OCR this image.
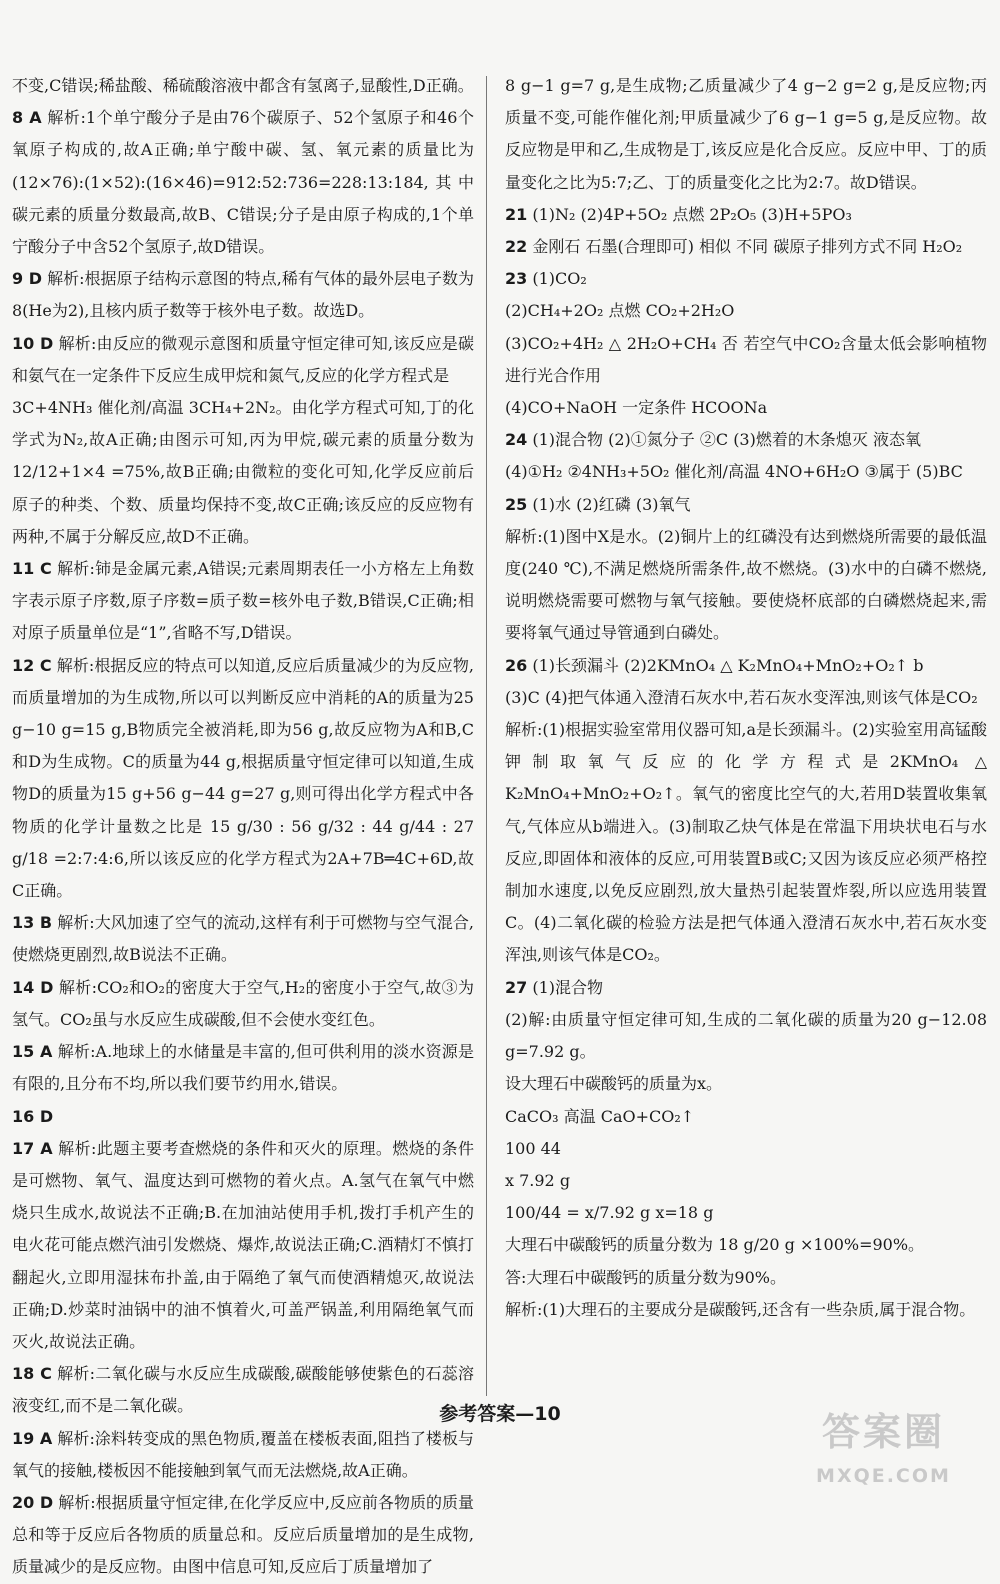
不变,C错误;稀盐酸、稀硫酸溶液中都含有氢离子,显酸性,D正确。

8 A 解析:1个单宁酸分子是由76个碳原子、52个氢原子和46个氧原子构成的,故A正确;单宁酸中碳、氢、氧元素的质量比为(12×76):(1×52):(16×46)=912:52:736=228:13:184,其中碳元素的质量分数最高,故B、C错误;分子是由原子构成的,1个单宁酸分子中含52个氢原子,故D错误。

9 D 解析:根据原子结构示意图的特点,稀有气体的最外层电子数为8(He为2),且核内质子数等于核外电子数。故选D。

10 D 解析:由反应的微观示意图和质量守恒定律可知,该反应是碳和氨气在一定条件下反应生成甲烷和氮气,反应的化学方程式是

3C+4NH₃ 催化剂/高温 3CH₄+2N₂。由化学方程式可知,丁的化学式为N₂,故A正确;由图示可知,丙为甲烷,碳元素的质量分数为 12/12+1×4 =75%,故B正确;由微粒的变化可知,化学反应前后原子的种类、个数、质量均保持不变,故C正确;该反应的反应物有两种,不属于分解反应,故D不正确。

11 C 解析:铈是金属元素,A错误;元素周期表任一小方格左上角数字表示原子序数,原子序数=质子数=核外电子数,B错误,C正确;相对原子质量单位是“1”,省略不写,D错误。

12 C 解析:根据反应的特点可以知道,反应后质量减少的为反应物,而质量增加的为生成物,所以可以判断反应中消耗的A的质量为25 g−10 g=15 g,B物质完全被消耗,即为56 g,故反应物为A和B,C和D为生成物。C的质量为44 g,根据质量守恒定律可以知道,生成物D的质量为15 g+56 g−44 g=27 g,则可得出化学方程式中各物质的化学计量数之比是 15 g/30 : 56 g/32 : 44 g/44 : 27 g/18 =2:7:4:6,所以该反应的化学方程式为2A+7B═4C+6D,故C正确。

13 B 解析:大风加速了空气的流动,这样有利于可燃物与空气混合,使燃烧更剧烈,故B说法不正确。

14 D 解析:CO₂和O₂的密度大于空气,H₂的密度小于空气,故③为氢气。CO₂虽与水反应生成碳酸,但不会使水变红色。

15 A 解析:A.地球上的水储量是丰富的,但可供利用的淡水资源是有限的,且分布不均,所以我们要节约用水,错误。

16 D

17 A 解析:此题主要考查燃烧的条件和灭火的原理。燃烧的条件是可燃物、氧气、温度达到可燃物的着火点。A.氢气在氧气中燃烧只生成水,故说法不正确;B.在加油站使用手机,拨打手机产生的电火花可能点燃汽油引发燃烧、爆炸,故说法正确;C.酒精灯不慎打翻起火,立即用湿抹布扑盖,由于隔绝了氧气而使酒精熄灭,故说法正确;D.炒菜时油锅中的油不慎着火,可盖严锅盖,利用隔绝氧气而灭火,故说法正确。

18 C 解析:二氧化碳与水反应生成碳酸,碳酸能够使紫色的石蕊溶液变红,而不是二氧化碳。

19 A 解析:涂料转变成的黑色物质,覆盖在楼板表面,阻挡了楼板与氧气的接触,楼板因不能接触到氧气而无法燃烧,故A正确。

20 D 解析:根据质量守恒定律,在化学反应中,反应前各物质的质量总和等于反应后各物质的质量总和。反应后质量增加的是生成物,质量减少的是反应物。由图中信息可知,反应后丁质量增加了

8 g−1 g=7 g,是生成物;乙质量减少了4 g−2 g=2 g,是反应物;丙质量不变,可能作催化剂;甲质量减少了6 g−1 g=5 g,是反应物。故反应物是甲和乙,生成物是丁,该反应是化合反应。反应中甲、丁的质量变化之比为5:7;乙、丁的质量变化之比为2:7。故D错误。

21 (1)N₂ (2)4P+5O₂ 点燃 2P₂O₅ (3)H+5PO₃

22 金刚石 石墨(合理即可) 相似 不同 碳原子排列方式不同 H₂O₂

23 (1)CO₂

(2)CH₄+2O₂ 点燃 CO₂+2H₂O

(3)CO₂+4H₂ △ 2H₂O+CH₄ 否 若空气中CO₂含量太低会影响植物进行光合作用

(4)CO+NaOH 一定条件 HCOONa

24 (1)混合物 (2)①氮分子 ②C (3)燃着的木条熄灭 液态氧

(4)①H₂ ②4NH₃+5O₂ 催化剂/高温 4NO+6H₂O ③属于 (5)BC

25 (1)水 (2)红磷 (3)氧气

解析:(1)图中X是水。(2)铜片上的红磷没有达到燃烧所需要的最低温度(240 ℃),不满足燃烧所需条件,故不燃烧。(3)水中的白磷不燃烧,说明燃烧需要可燃物与氧气接触。要使烧杯底部的白磷燃烧起来,需要将氧气通过导管通到白磷处。

26 (1)长颈漏斗 (2)2KMnO₄ △ K₂MnO₄+MnO₂+O₂↑ b

(3)C (4)把气体通入澄清石灰水中,若石灰水变浑浊,则该气体是CO₂

解析:(1)根据实验室常用仪器可知,a是长颈漏斗。(2)实验室用高锰酸钾制取氧气反应的化学方程式是2KMnO₄ △ K₂MnO₄+MnO₂+O₂↑。氧气的密度比空气的大,若用D装置收集氧气,气体应从b端进入。(3)制取乙炔气体是在常温下用块状电石与水反应,即固体和液体的反应,可用装置B或C;又因为该反应必须严格控制加水速度,以免反应剧烈,放大量热引起装置炸裂,所以应选用装置C。(4)二氧化碳的检验方法是把气体通入澄清石灰水中,若石灰水变浑浊,则该气体是CO₂。

27 (1)混合物

(2)解:由质量守恒定律可知,生成的二氧化碳的质量为20 g−12.08 g=7.92 g。

设大理石中碳酸钙的质量为x。

CaCO₃ 高温 CaO+CO₂↑

100 44

x 7.92 g

100/44 = x/7.92 g x=18 g

大理石中碳酸钙的质量分数为 18 g/20 g ×100%=90%。

答:大理石中碳酸钙的质量分数为90%。

解析:(1)大理石的主要成分是碳酸钙,还含有一些杂质,属于混合物。

参考答案—10	答案圈
MXQE.COM
